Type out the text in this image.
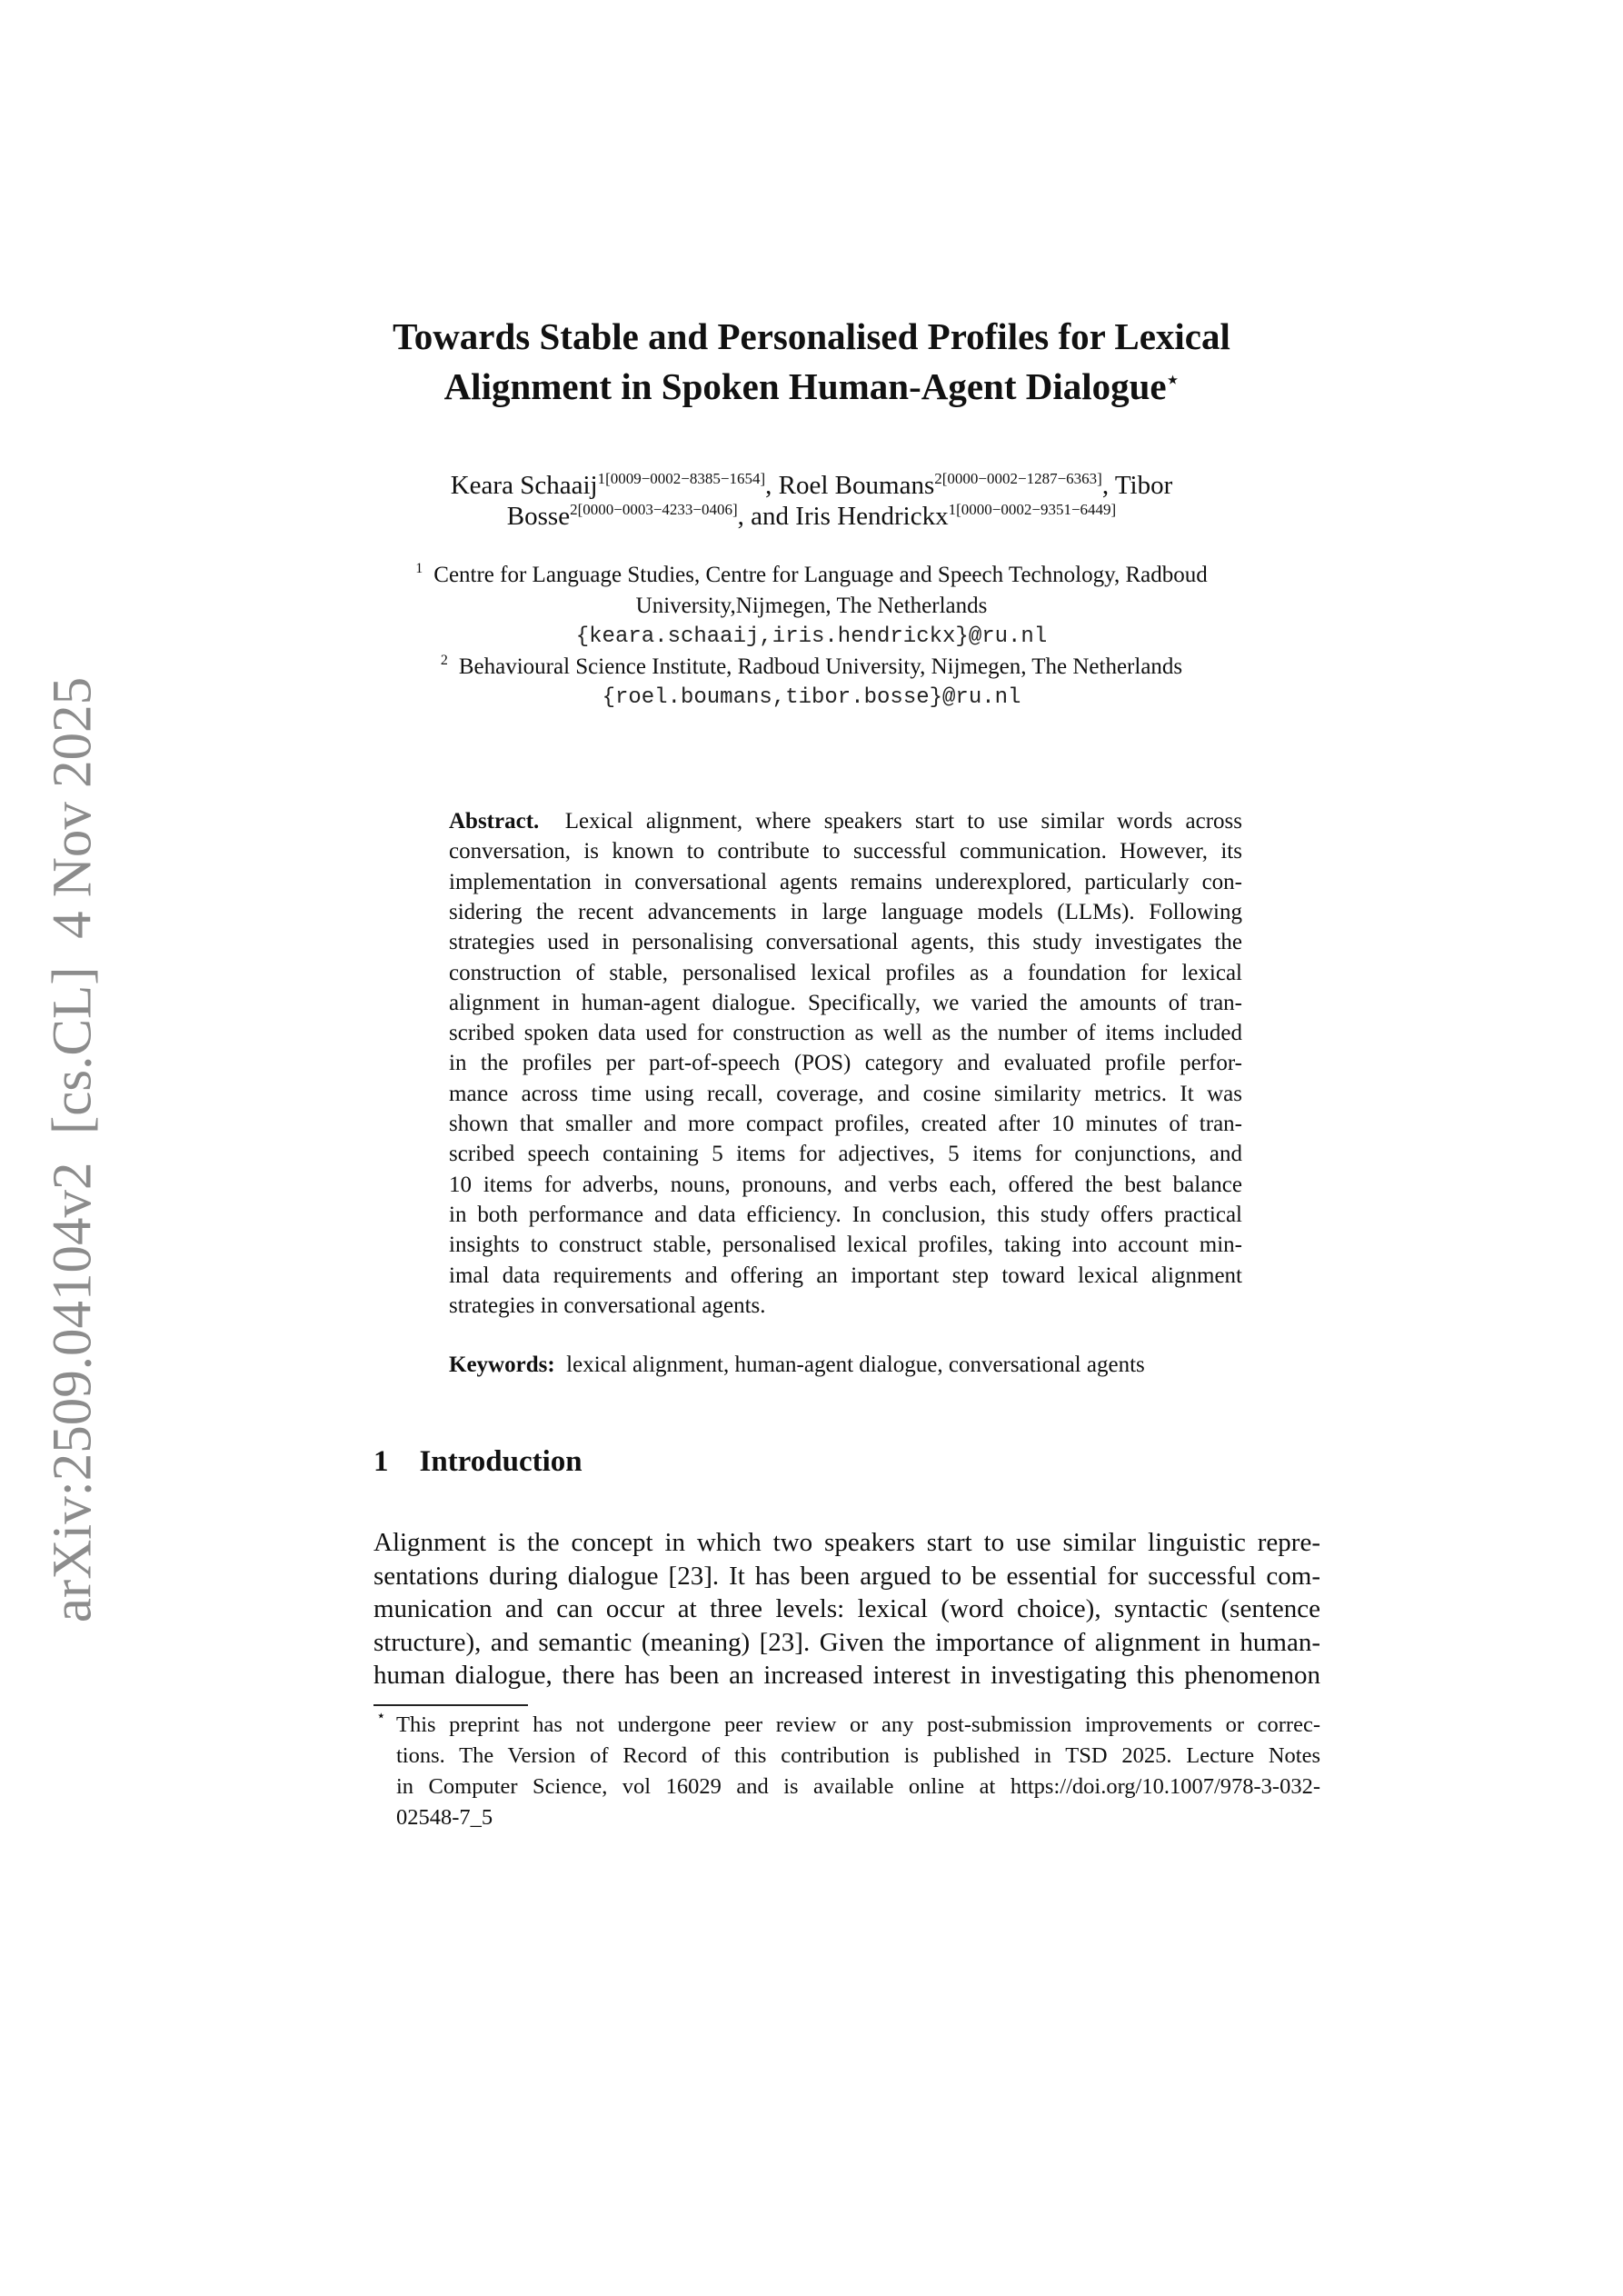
arXiv:2509.04104v2  [cs.CL]  4 Nov 2025
Towards Stable and Personalised Profiles for Lexical
Alignment in Spoken Human-Agent Dialogue⋆
Keara Schaaij$^{1[0009-0002-8385-1654]}$, Roel Boumans$^{2[0000-0002-1287-6363]}$, Tibor
Bosse$^{2[0000-0003-4233-0406]}$, and Iris Hendrickx$^{1[0000-0002-9351-6449]}$
$^1$ Centre for Language Studies, Centre for Language and Speech Technology, Radboud
University,Nijmegen, The Netherlands
{keara.schaaij,iris.hendrickx}@ru.nl
$^2$ Behavioural Science Institute, Radboud University, Nijmegen, The Netherlands
{roel.boumans,tibor.bosse}@ru.nl
Abstract. Lexical alignment, where speakers start to use similar words across
conversation, is known to contribute to successful communication. However, its
implementation in conversational agents remains underexplored, particularly con-
sidering the recent advancements in large language models (LLMs). Following
strategies used in personalising conversational agents, this study investigates the
construction of stable, personalised lexical profiles as a foundation for lexical
alignment in human-agent dialogue. Specifically, we varied the amounts of tran-
scribed spoken data used for construction as well as the number of items included
in the profiles per part-of-speech (POS) category and evaluated profile perfor-
mance across time using recall, coverage, and cosine similarity metrics. It was
shown that smaller and more compact profiles, created after 10 minutes of tran-
scribed speech containing 5 items for adjectives, 5 items for conjunctions, and
10 items for adverbs, nouns, pronouns, and verbs each, offered the best balance
in both performance and data efficiency. In conclusion, this study offers practical
insights to construct stable, personalised lexical profiles, taking into account min-
imal data requirements and offering an important step toward lexical alignment
strategies in conversational agents.
Keywords: lexical alignment, human-agent dialogue, conversational agents
1 Introduction
Alignment is the concept in which two speakers start to use similar linguistic repre-
sentations during dialogue [23]. It has been argued to be essential for successful com-
munication and can occur at three levels: lexical (word choice), syntactic (sentence
structure), and semantic (meaning) [23]. Given the importance of alignment in human-
human dialogue, there has been an increased interest in investigating this phenomenon
⋆ This preprint has not undergone peer review or any post-submission improvements or correc-
tions. The Version of Record of this contribution is published in TSD 2025. Lecture Notes
in Computer Science, vol 16029 and is available online at https://doi.org/10.1007/978-3-032-
02548-7_5
